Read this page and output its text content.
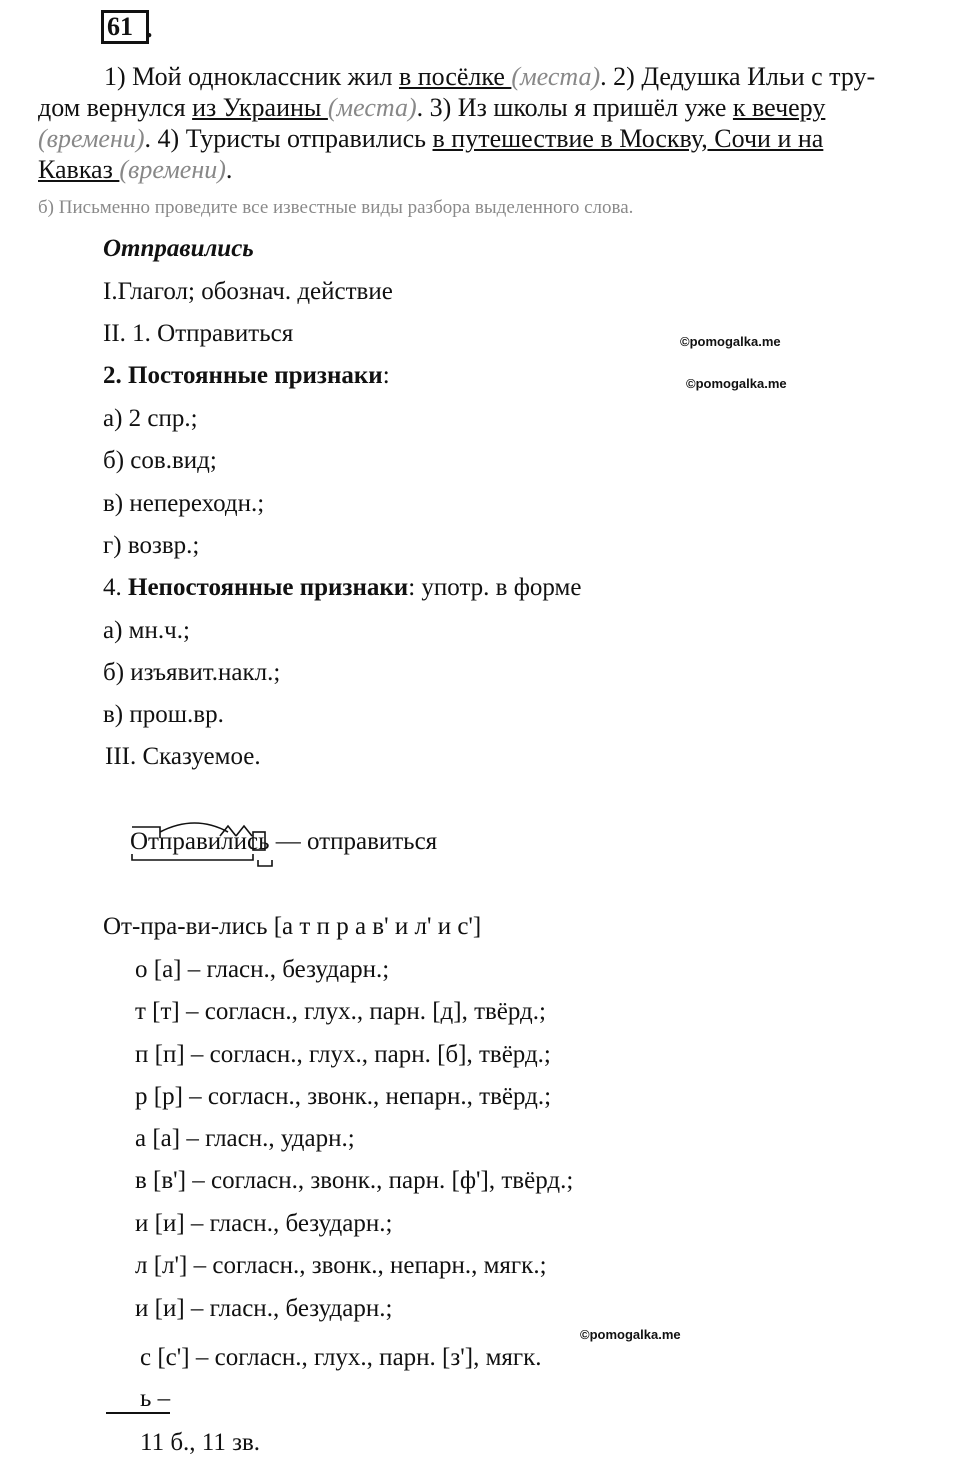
61 .
1) Мой одноклассник жил в посёлке (места). 2) Дедушка Ильи с тру-
дом вернулся из Украины (места). 3) Из школы я пришёл уже к вечеру
(времени). 4) Туристы отправились в путешествие в Москву, Сочи и на
Кавказ (времени).
б) Письменно проведите все известные виды разбора выделенного слова.
Отправились
I.Глагол; обознач. действие
II. 1. Отправиться
2. Постоянные признаки:
а) 2 спр.;
б) сов.вид;
в) непереходн.;
г) возвр.;
4. Непостоянные признаки: употр. в форме
а) мн.ч.;
б) изъявит.накл.;
в) прош.вр.
III. Сказуемое.
Отправились — отправиться
От-пра-ви-лись [а т п р а в' и л' и с']
о [а] – гласн., безударн.;
т [т] – согласн., глух., парн. [д], твёрд.;
п [п] – согласн., глух., парн. [б], твёрд.;
р [р] – согласн., звонк., непарн., твёрд.;
а [а] – гласн., ударн.;
в [в'] – согласн., звонк., парн. [ф'], твёрд.;
и [и] – гласн., безударн.;
л [л'] – согласн., звонк., непарн., мягк.;
и [и] – гласн., безударн.;
с [с'] – согласн., глух., парн. [з'], мягк.
ь –
11 б., 11 зв.
©pomogalka.me
©pomogalka.me
©pomogalka.me
